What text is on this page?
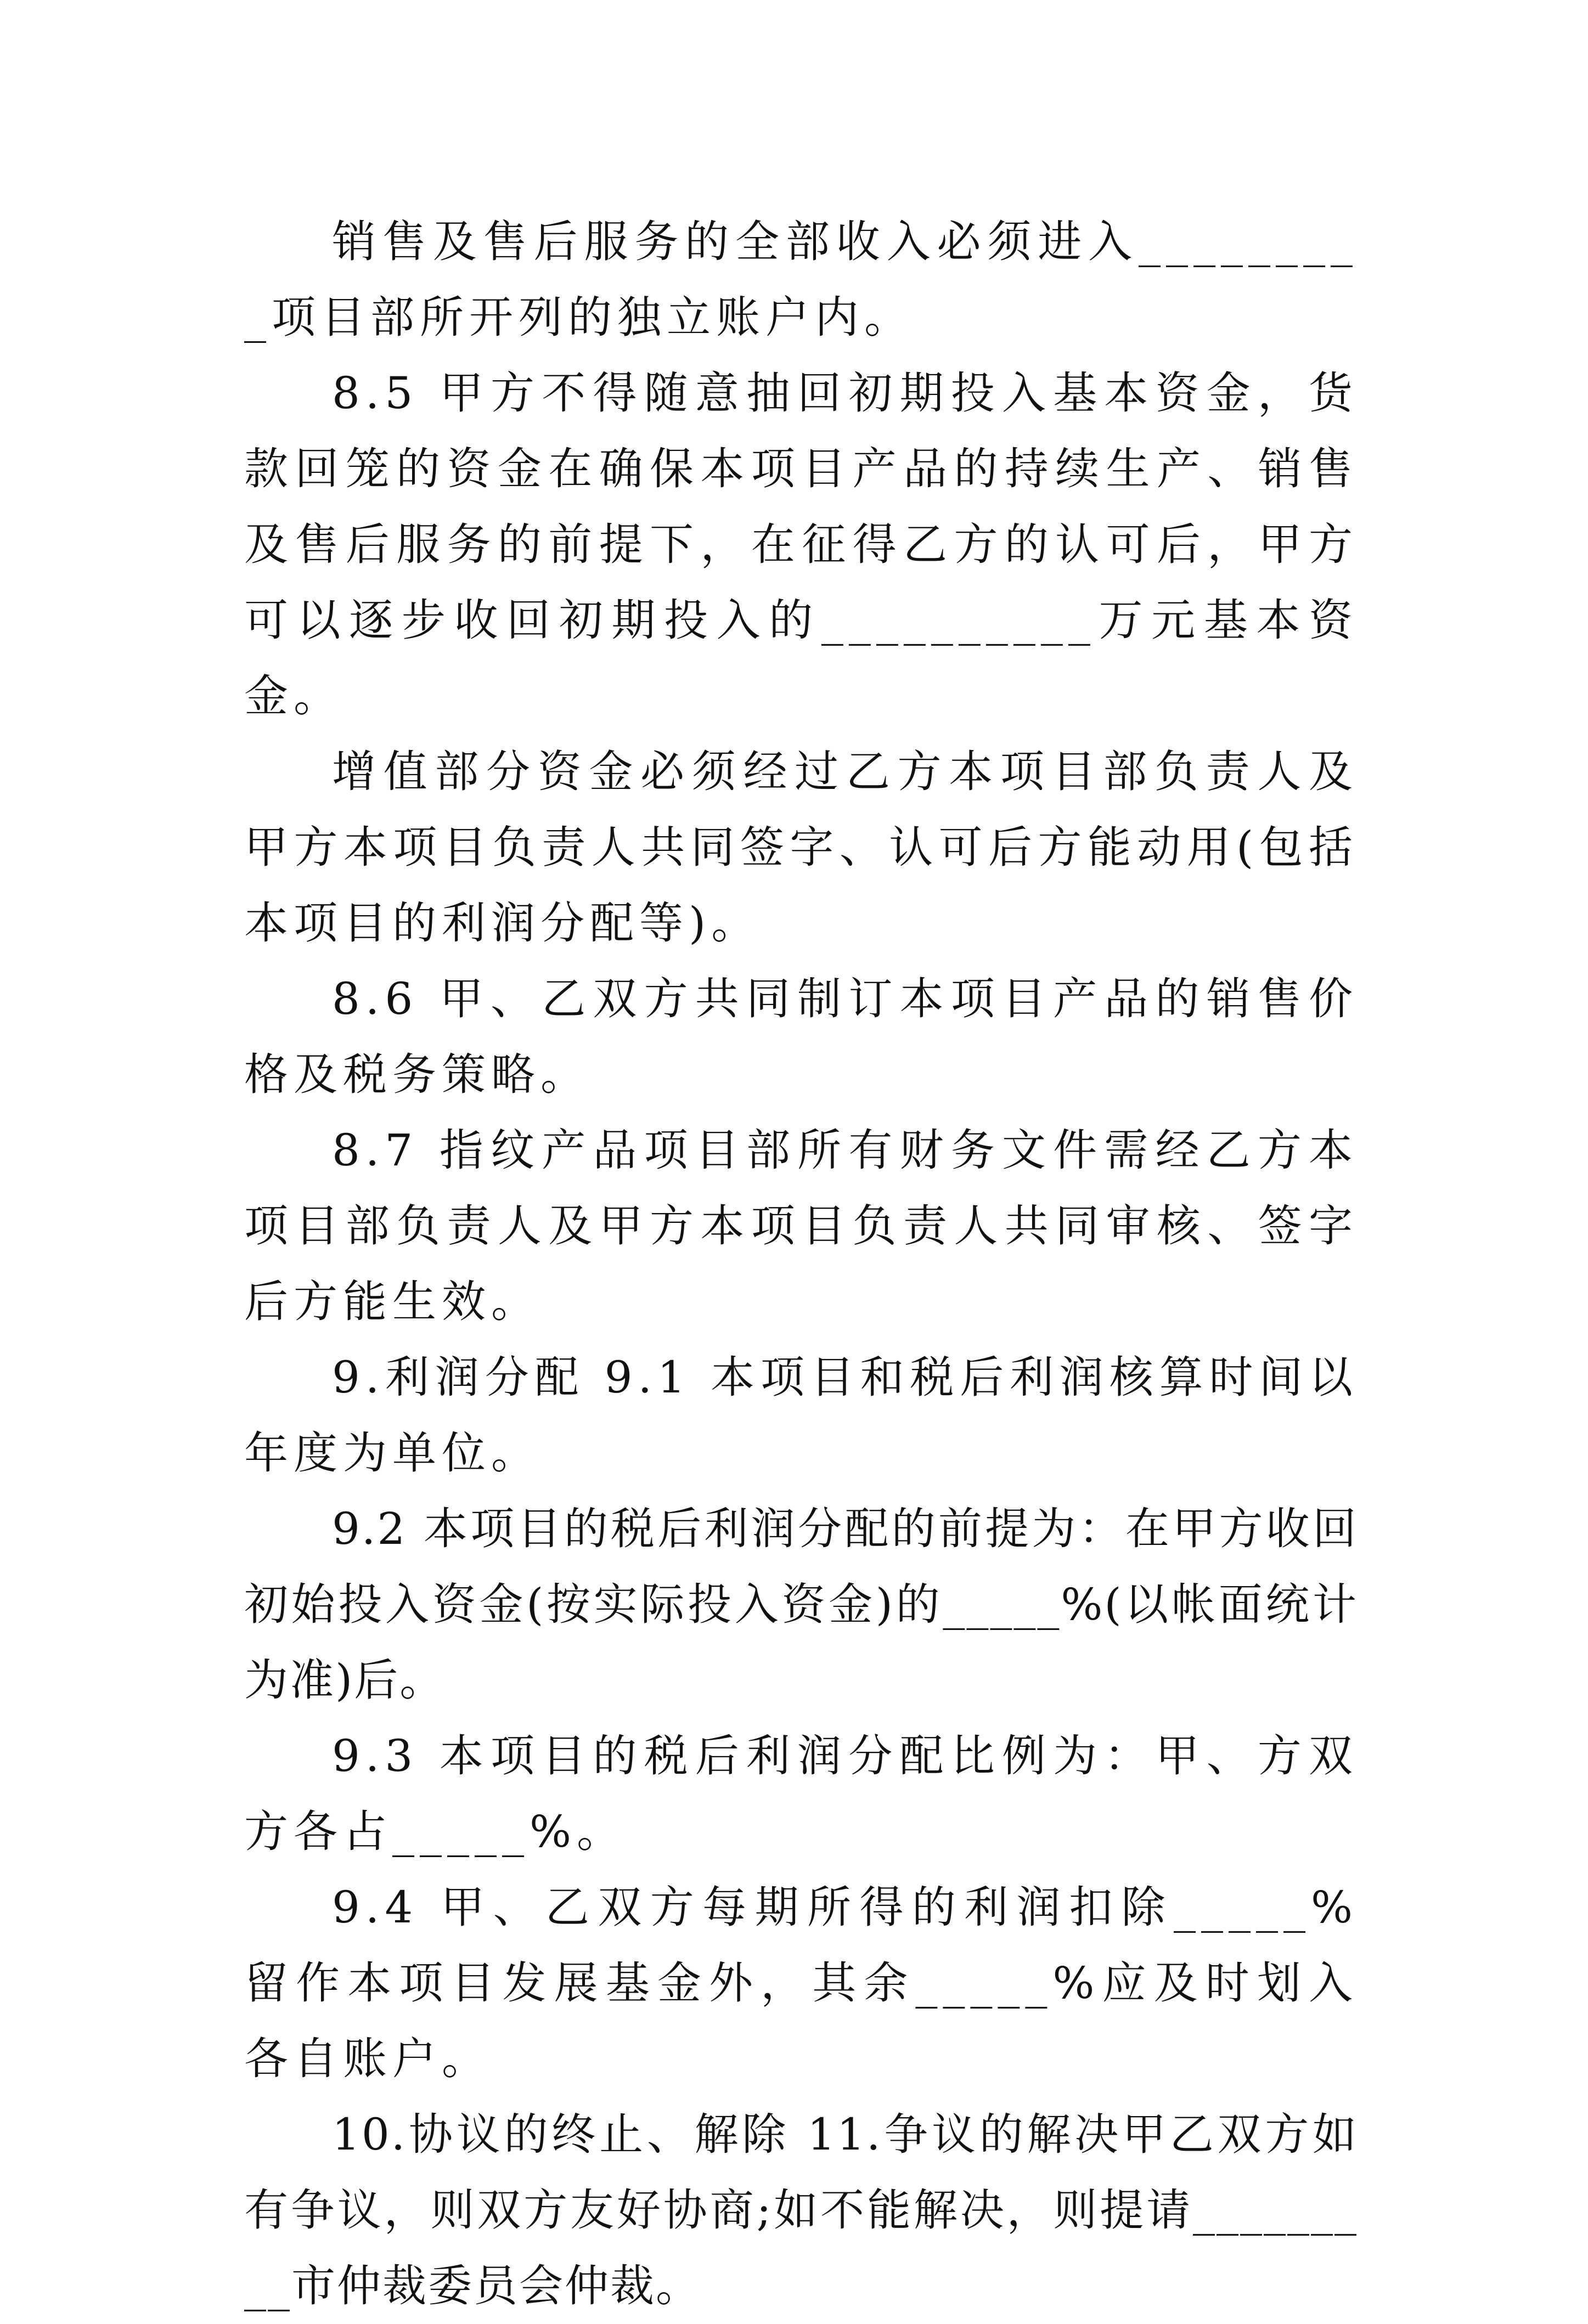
销售及售后服务的全部收入必须进入_________项目部所开列的独立账户内。

8.5 甲方不得随意抽回初期投入基本资金，货款回笼的资金在确保本项目产品的持续生产、销售及售后服务的前提下，在征得乙方的认可后，甲方可以逐步收回初期投入的__________万元基本资金。

增值部分资金必须经过乙方本项目部负责人及甲方本项目负责人共同签字、认可后方能动用(包括本项目的利润分配等)。

8.6 甲、乙双方共同制订本项目产品的销售价格及税务策略。

8.7 指纹产品项目部所有财务文件需经乙方本项目部负责人及甲方本项目负责人共同审核、签字后方能生效。

9.利润分配 9.1 本项目和税后利润核算时间以年度为单位。

9.2 本项目的税后利润分配的前提为：在甲方收回初始投入资金(按实际投入资金)的_____%(以帐面统计为准)后。

9.3 本项目的税后利润分配比例为：甲、方双方各占_____%。

9.4 甲、乙双方每期所得的利润扣除_____%留作本项目发展基金外，其余_____%应及时划入各自账户。

10.协议的终止、解除 11.争议的解决甲乙双方如有争议，则双方友好协商;如不能解决，则提请_________市仲裁委员会仲裁。
